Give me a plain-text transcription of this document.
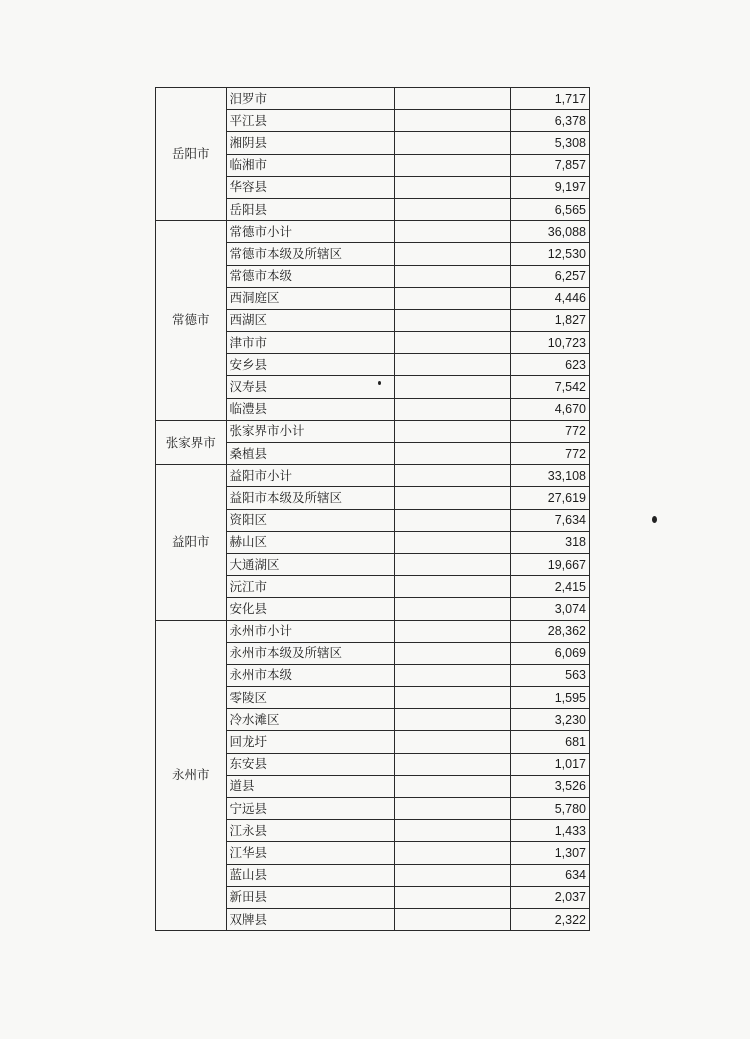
岳阳市	汨罗市		1,717
	平江县		6,378
	湘阴县		5,308
	临湘市		7,857
	华容县		9,197
	岳阳县		6,565
常德市	常德市小计		36,088
	常德市本级及所辖区		12,530
	常德市本级		6,257
	西洞庭区		4,446
	西湖区		1,827
	津市市		10,723
	安乡县		623
	汉寿县		7,542
	临澧县		4,670
张家界市	张家界市小计		772
	桑植县		772
益阳市	益阳市小计		33,108
	益阳市本级及所辖区		27,619
	资阳区		7,634
	赫山区		318
	大通湖区		19,667
	沅江市		2,415
	安化县		3,074
永州市	永州市小计		28,362
	永州市本级及所辖区		6,069
	永州市本级		563
	零陵区		1,595
	冷水滩区		3,230
	回龙圩		681
	东安县		1,017
	道县		3,526
	宁远县		5,780
	江永县		1,433
	江华县		1,307
	蓝山县		634
	新田县		2,037
	双牌县		2,322
